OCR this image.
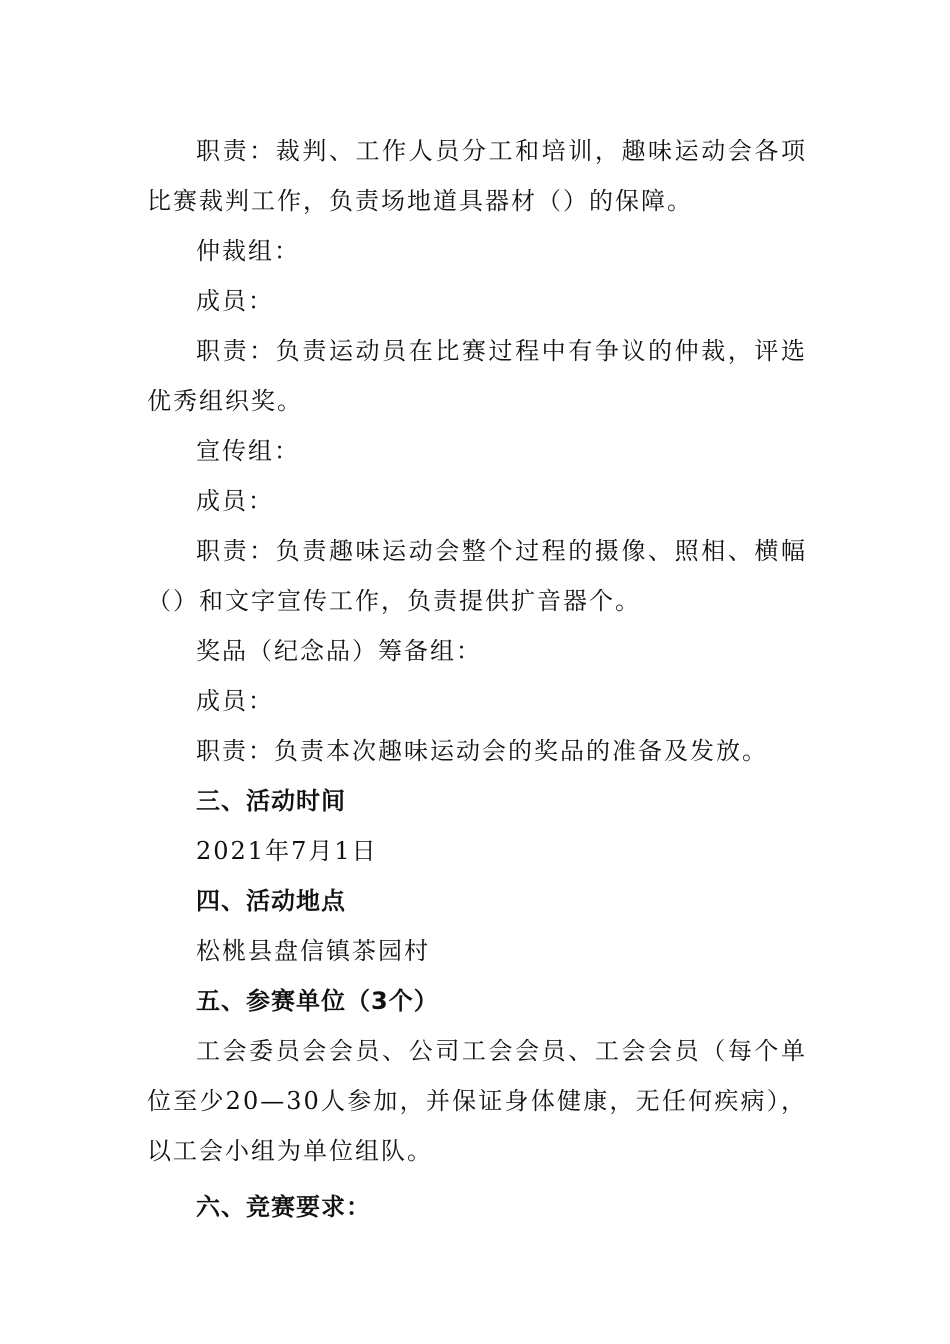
职责：裁判、工作人员分工和培训，趣味运动会各项比赛裁判工作，负责场地道具器材（）的保障。

仲裁组：

成员：

职责：负责运动员在比赛过程中有争议的仲裁，评选优秀组织奖。

宣传组：

成员：

职责：负责趣味运动会整个过程的摄像、照相、横幅（）和文字宣传工作，负责提供扩音器个。

奖品（纪念品）筹备组：

成员：

职责：负责本次趣味运动会的奖品的准备及发放。

三、活动时间

2021年7月1日

四、活动地点

松桃县盘信镇茶园村

五、参赛单位（3个）

工会委员会会员、公司工会会员、工会会员（每个单位至少20—30人参加，并保证身体健康，无任何疾病），以工会小组为单位组队。

六、竞赛要求：
